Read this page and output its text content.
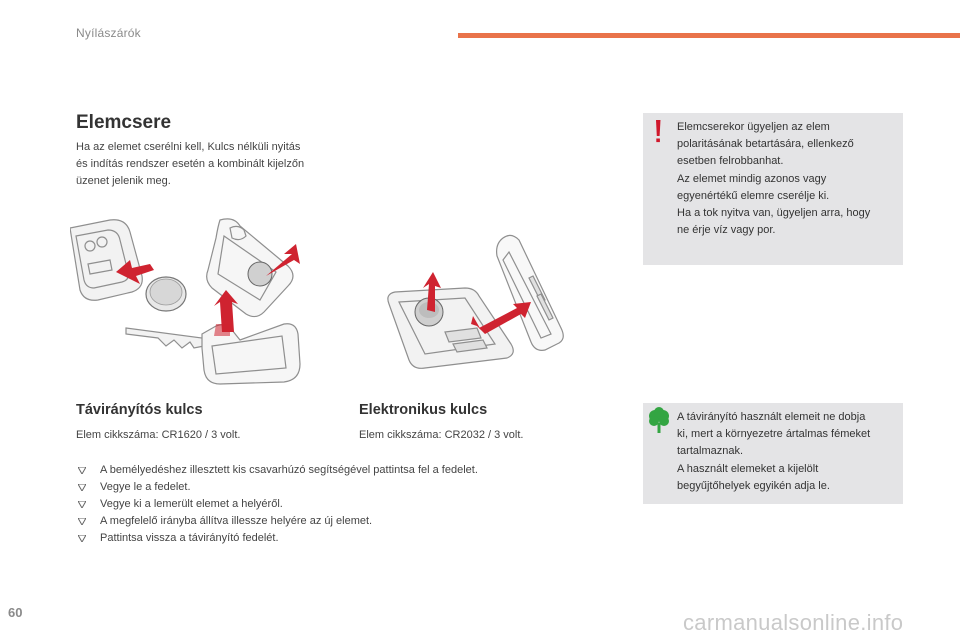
Nyílászárók
Elemcsere
Ha az elemet cserélni kell, Kulcs nélküli nyitás
és indítás rendszer esetén a kombinált kijelzőn
üzenet jelenik meg.
Elemcserekor ügyeljen az elem
polaritásának betartására, ellenkező
esetben felrobbanhat.
Az elemet mindig azonos vagy
egyenértékű elemre cserélje ki.
Ha a tok nyitva van, ügyeljen arra, hogy
ne érje víz vagy por.
Távirányítós kulcs
Elem cikkszáma: CR1620 / 3 volt.
Elektronikus kulcs
Elem cikkszáma: CR2032 / 3 volt.
A bemélyedéshez illesztett kis csavarhúzó segítségével pattintsa fel a fedelet.
Vegye le a fedelet.
Vegye ki a lemerült elemet a helyéről.
A megfelelő irányba állítva illessze helyére az új elemet.
Pattintsa vissza a távirányító fedelét.
A távirányító használt elemeit ne dobja
ki, mert a környezetre ártalmas fémeket
tartalmaznak.
A használt elemeket a kijelölt
begyűjtőhelyek egyikén adja le.
60	carmanualsonline.info
